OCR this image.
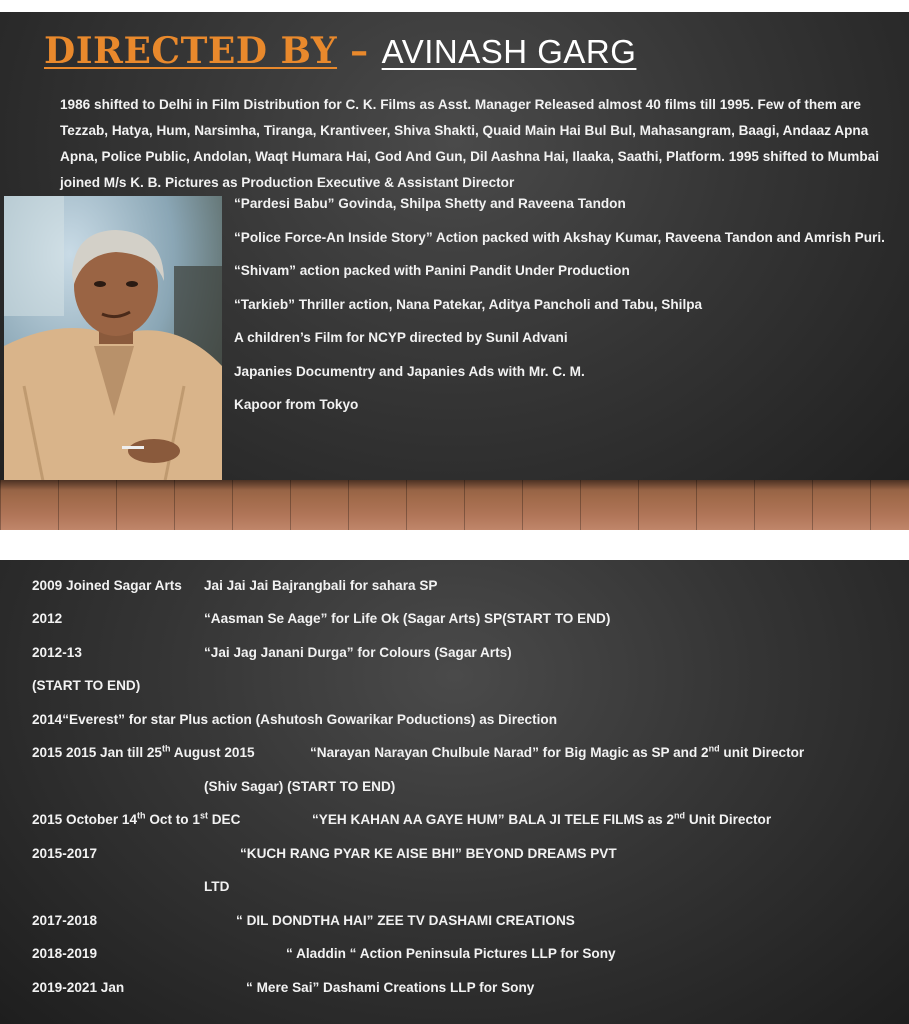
DIRECTED BY – AVINASH GARG

1986 shifted to Delhi in Film Distribution for C. K. Films as Asst. Manager Released almost 40 films till 1995. Few of them are Tezzab, Hatya, Hum, Narsimha, Tiranga, Krantiveer, Shiva Shakti, Quaid Main Hai Bul Bul, Mahasangram, Baagi, Andaaz Apna Apna, Police Public, Andolan, Waqt Humara Hai, God And Gun, Dil Aashna Hai, Ilaaka, Saathi, Platform. 1995 shifted to Mumbai joined M/s K. B. Pictures as Production Executive & Assistant Director

“Pardesi Babu” Govinda, Shilpa Shetty and Raveena Tandon
“Police Force-An Inside Story” Action packed with Akshay Kumar, Raveena Tandon and Amrish Puri.
“Shivam” action packed with Panini Pandit Under Production
“Tarkieb” Thriller action, Nana Patekar, Aditya Pancholi and Tabu, Shilpa
A children’s Film for NCYP directed by Sunil Advani
Japanies Documentry and Japanies Ads with Mr. C. M.
Kapoor from Tokyo
2009 Joined Sagar Arts Jai Jai Jai Bajrangbali for sahara SP
2012	“Aasman Se Aage” for Life Ok (Sagar Arts) SP(START TO END)
2012-13	“Jai Jag Janani Durga” for Colours (Sagar Arts)
(START TO END)
2014“Everest” for star Plus action (Ashutosh Gowarikar Poductions) as Direction
2015 2015 Jan till 25th August 2015	“Narayan Narayan Chulbule Narad” for Big Magic as SP and 2nd unit Director
(Shiv Sagar) (START TO END)
2015 October 14th Oct to 1st DEC	“YEH KAHAN AA GAYE HUM” BALA JI TELE FILMS as 2nd Unit Director
2015-2017	“KUCH RANG PYAR KE AISE BHI” BEYOND DREAMS PVT
LTD
2017-2018	“ DIL DONDTHA HAI” ZEE TV DASHAMI CREATIONS
2018-2019	“ Aladdin “ Action Peninsula Pictures LLP for Sony
2019-2021 Jan	“ Mere Sai” Dashami Creations LLP for Sony
